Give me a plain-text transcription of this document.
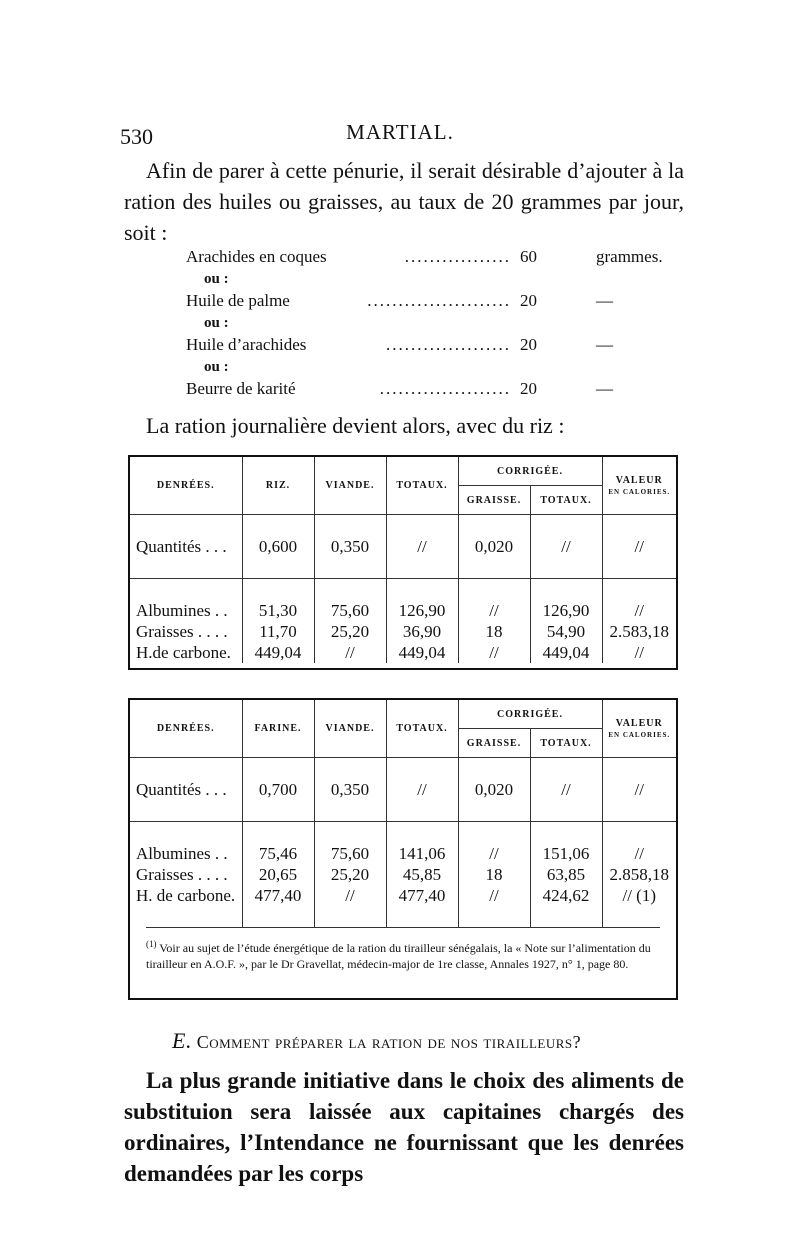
530	MARTIAL.
Afin de parer à cette pénurie, il serait désirable d’ajouter à la ration des huiles ou graisses, au taux de 20 grammes par jour, soit :
.................
Arachides en coques	60	grammes.
ou :
.......................
Huile de palme	20	—
ou :
....................
Huile d’arachides	20	—
ou :
.....................
Beurre de karité	20	—
La ration journalière devient alors, avec du riz :
DENRÉES.	RIZ.	VIANDE.	TOTAUX.	CORRIGÉE.		VALEUR
EN CALORIES.
				GRAISSE.	TOTAUX.	

Quantités . . .	0,600	0,350	//	0,020	//	//

Albumines . .	51,30	75,60	126,90	//	126,90	//
Graisses . . . .	11,70	25,20	36,90	18	54,90	2.583,18
H.de carbone.	449,04	//	449,04	//	449,04	//
DENRÉES.	FARINE.	VIANDE.	TOTAUX.	CORRIGÉE.		VALEUR
EN CALORIES.
				GRAISSE.	TOTAUX.	

Quantités . . .	0,700	0,350	//	0,020	//	//

Albumines . .	75,46	75,60	141,06	//	151,06	//
Graisses . . . .	20,65	25,20	45,85	18	63,85	2.858,18
H. de carbone.	477,40	//	477,40	//	424,62	// (1)

$^{(1)}$ Voir au sujet de l’étude énergétique de la ration du tirailleur sénégalais, la « Note sur l’alimentation du tirailleur en A.O.F. », par le Dr Gravellat, médecin-major de 1re classe, Annales 1927, n° 1, page 80.
E. Comment préparer la ration de nos tirailleurs?
La plus grande initiative dans le choix des aliments de substituion sera laissée aux capitaines chargés des ordinaires, l’Intendance ne fournissant que les denrées demandées par les corps
